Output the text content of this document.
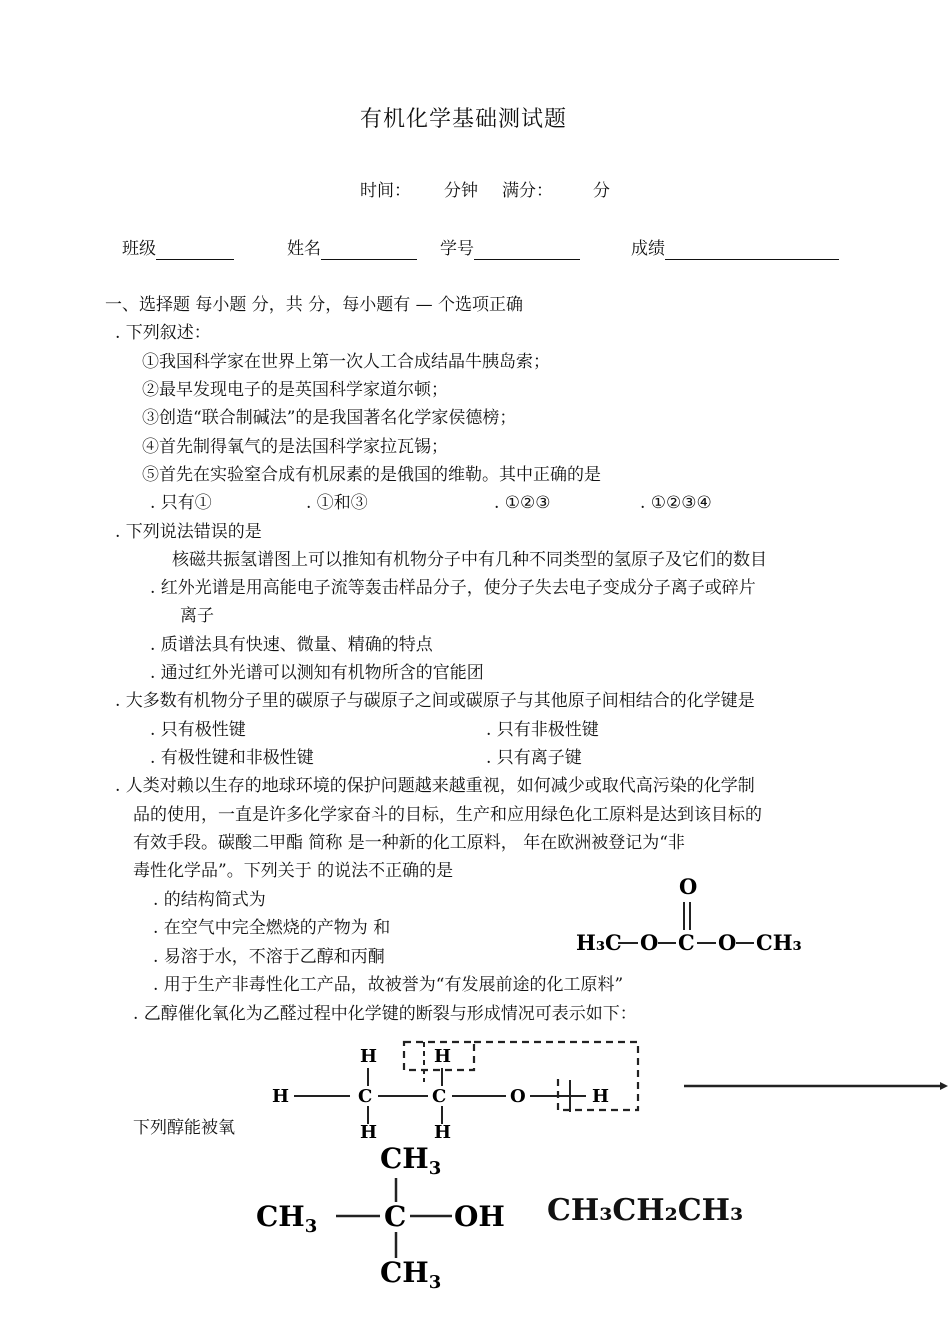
有机化学基础测试题
时间： 分钟 满分： 分
班级	姓名	学号	成绩
一、选择题 每小题 分，共 分，每小题有 — 个选项正确
. 下列叙述：
①我国科学家在世界上第一次人工合成结晶牛胰岛索；
②最早发现电子的是英国科学家道尔顿；
③创造“联合制碱法”的是我国著名化学家侯德榜；
④首先制得氧气的是法国科学家拉瓦锡；
⑤首先在实验窒合成有机尿素的是俄国的维勒。其中正确的是
. 只有①	. ①和③	. ①②③	. ①②③④
. 下列说法错误的是
核磁共振氢谱图上可以推知有机物分子中有几种不同类型的氢原子及它们的数目
. 红外光谱是用高能电子流等轰击样品分子，使分子失去电子变成分子离子或碎片
离子
. 质谱法具有快速、微量、精确的特点
. 通过红外光谱可以测知有机物所含的官能团
. 大多数有机物分子里的碳原子与碳原子之间或碳原子与其他原子间相结合的化学键是
. 只有极性键	. 只有非极性键
. 有极性键和非极性键	. 只有离子键
. 人类对赖以生存的地球环境的保护问题越来越重视，如何减少或取代高污染的化学制
品的使用，一直是许多化学家奋斗的目标，生产和应用绿色化工原料是达到该目标的
有效手段。碳酸二甲酯 简称 是一种新的化工原料， 年在欧洲被登记为“非
毒性化学品”。下列关于 的说法不正确的是
. 的结构简式为
. 在空气中完全燃烧的产物为 和
. 易溶于水，不溶于乙醇和丙酮
. 用于生产非毒性化工产品，故被誉为“有发展前途的化工原料”
O
H₃C O C O CH₃
. 乙醇催化氧化为乙醛过程中化学键的断裂与形成情况可表示如下：
H	H
H	C	C	O	H
H	H
下列醇能被氧
$CH_3$
$CH_3$ C OH
$CH_3$
CH₃CH₂CH₃
